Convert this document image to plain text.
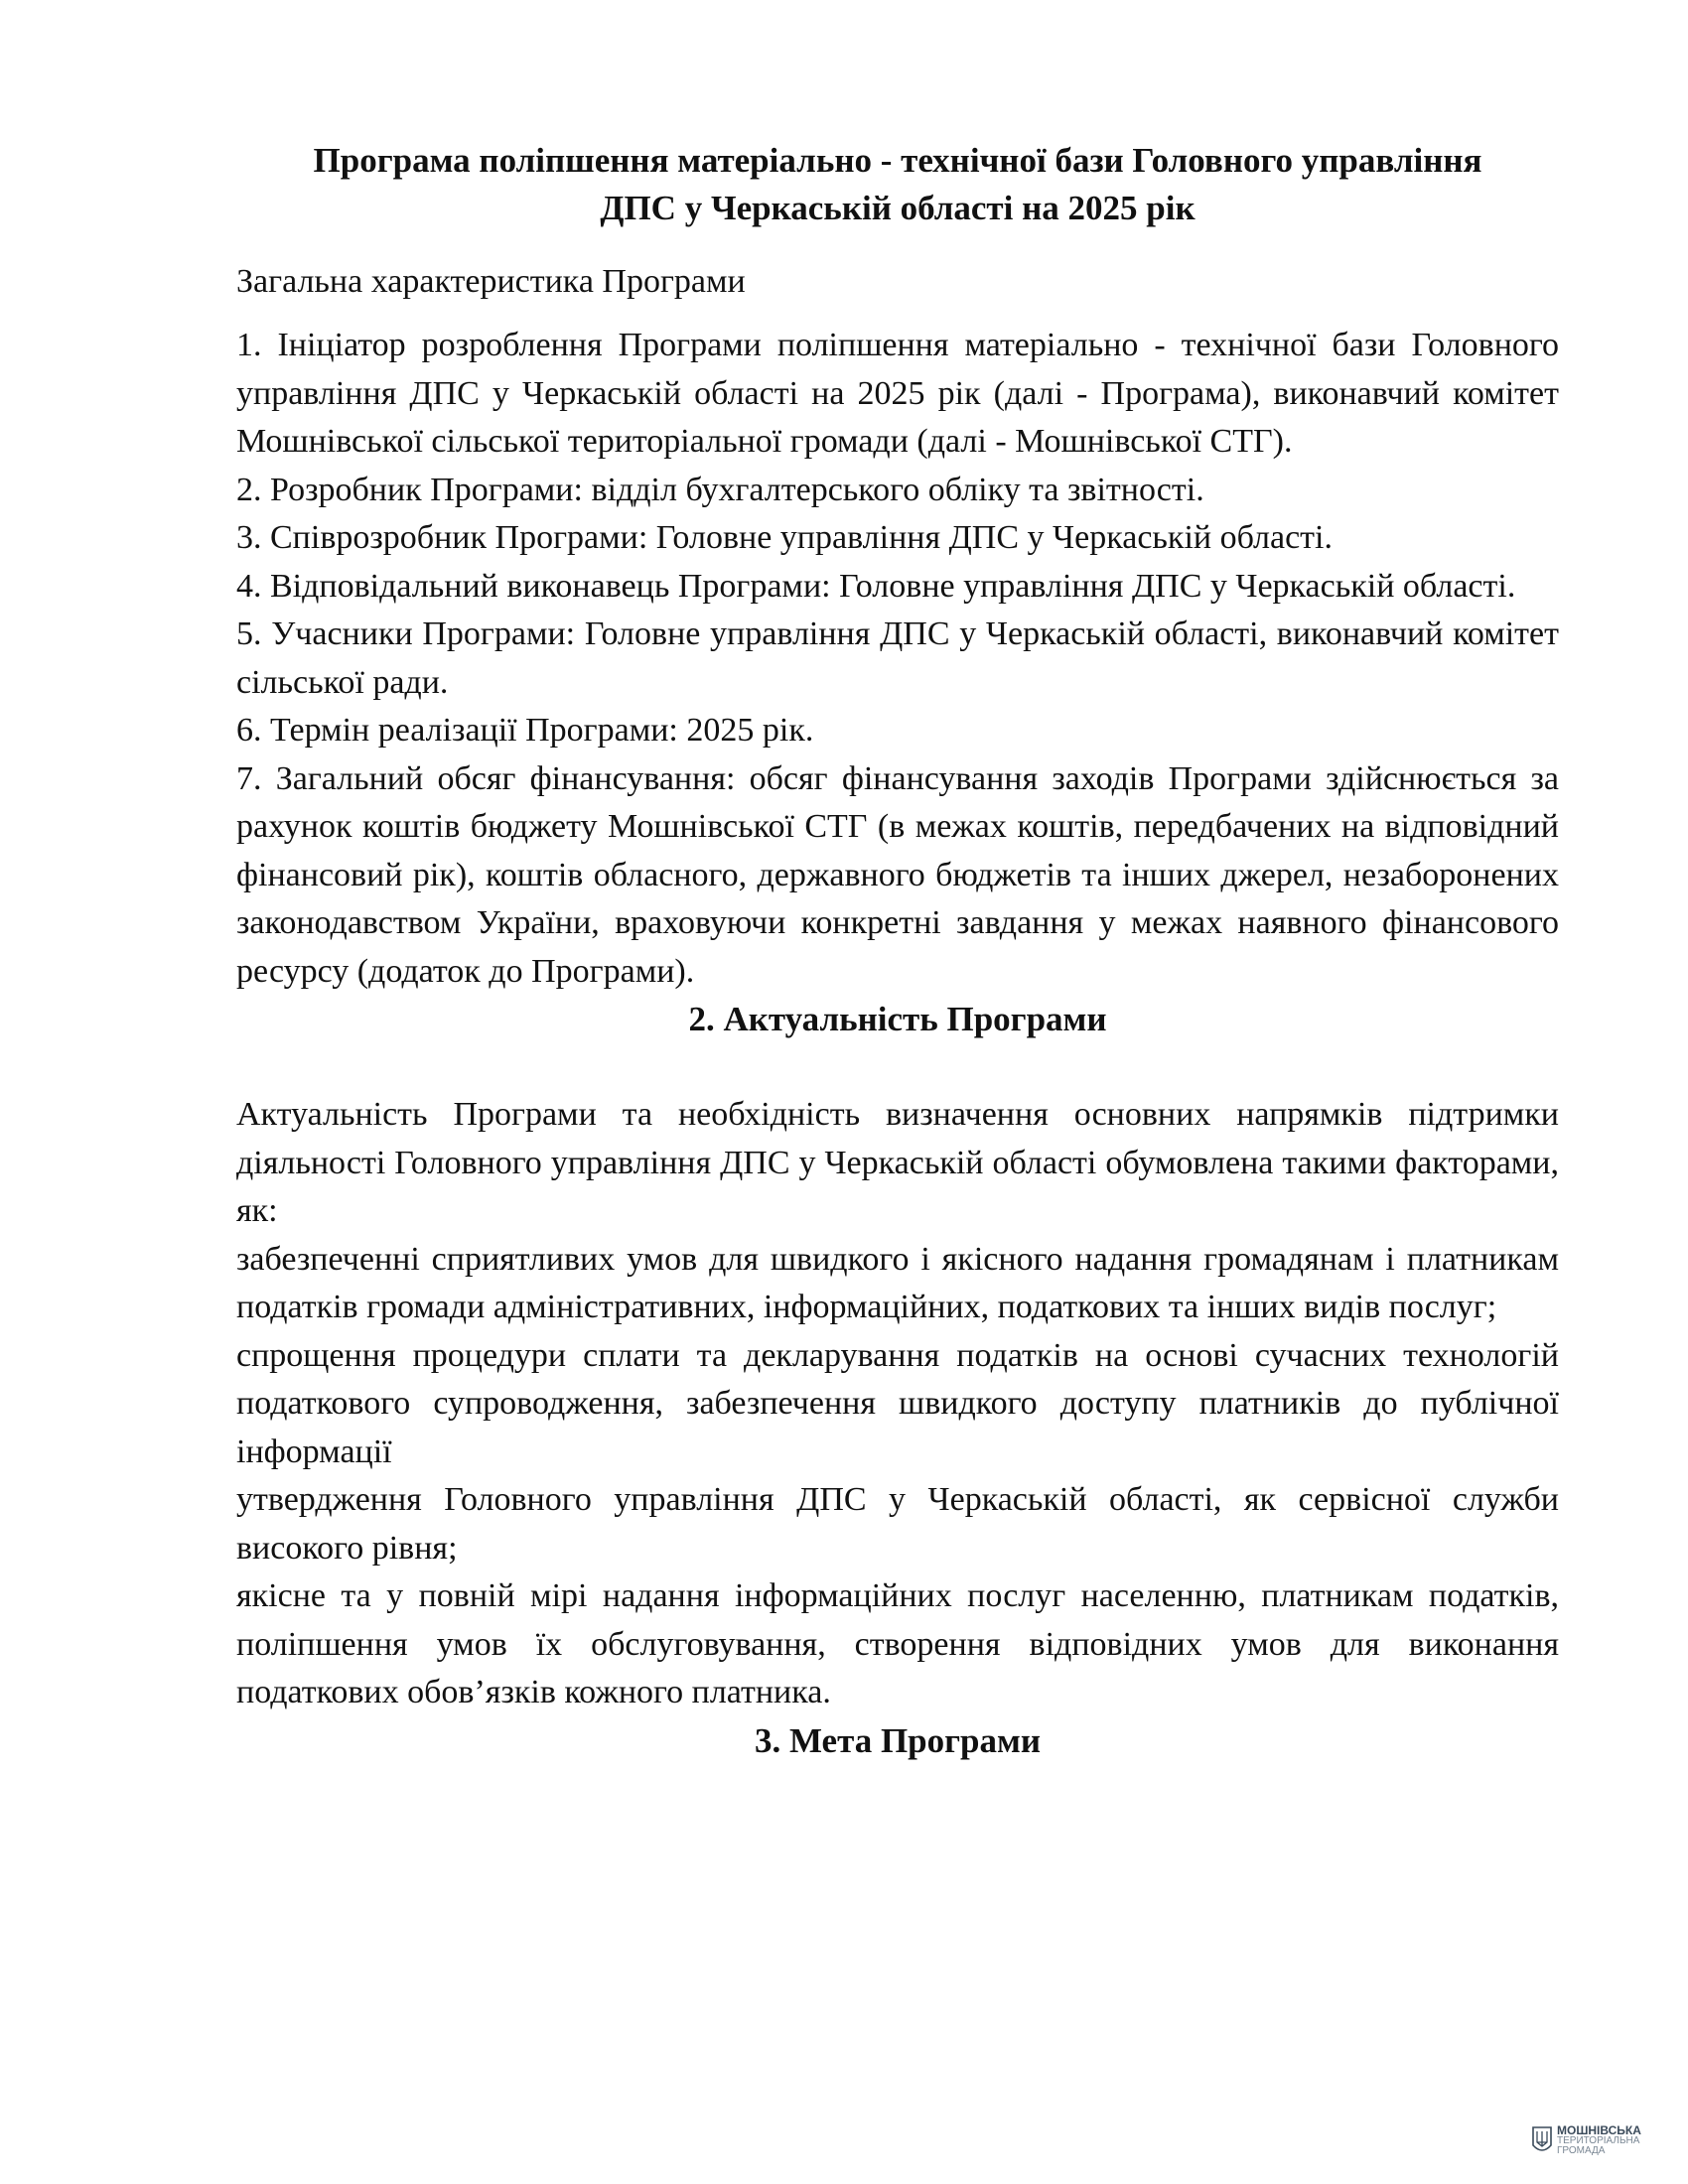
Програма поліпшення матеріально - технічної бази Головного управління
ДПС у Черкаській області на 2025 рік

Загальна характеристика Програми

1. Ініціатор розроблення Програми поліпшення матеріально - технічної бази Головного управління ДПС у Черкаській області на 2025 рік (далі - Програма), виконавчий комітет Мошнівської сільської територіальної громади (далі - Мошнівської СТГ).

2. Розробник Програми: відділ бухгалтерського обліку та звітності.

3. Співрозробник Програми: Головне управління ДПС у Черкаській області.

4. Відповідальний виконавець Програми: Головне управління ДПС у Черкаській області.

5. Учасники Програми: Головне управління ДПС у Черкаській області, виконавчий комітет сільської ради.

6. Термін реалізації Програми: 2025 рік.

7. Загальний обсяг фінансування: обсяг фінансування заходів Програми здійснюється за рахунок коштів бюджету Мошнівської СТГ (в межах коштів, передбачених на відповідний фінансовий рік), коштів обласного, державного бюджетів та інших джерел, незаборонених законодавством України, враховуючи конкретні завдання у межах наявного фінансового ресурсу (додаток до Програми).

2. Актуальність Програми

Актуальність Програми та необхідність визначення основних напрямків підтримки діяльності Головного управління ДПС у Черкаській області обумовлена такими факторами, як:

забезпеченні сприятливих умов для швидкого і якісного надання громадянам і платникам податків громади адміністративних, інформаційних, податкових та інших видів послуг;

спрощення процедури сплати та декларування податків на основі сучасних технологій податкового супроводження, забезпечення швидкого доступу платників до публічної інформації

утвердження Головного управління ДПС у Черкаській області, як сервісної служби високого рівня;

якісне та у повній мірі надання інформаційних послуг населенню, платникам податків, поліпшення умов їх обслуговування, створення відповідних умов для виконання податкових обов’язків кожного платника.

3. Мета Програми
МОШНІВСЬКА
ТЕРИТОРІАЛЬНА
ГРОМАДА
